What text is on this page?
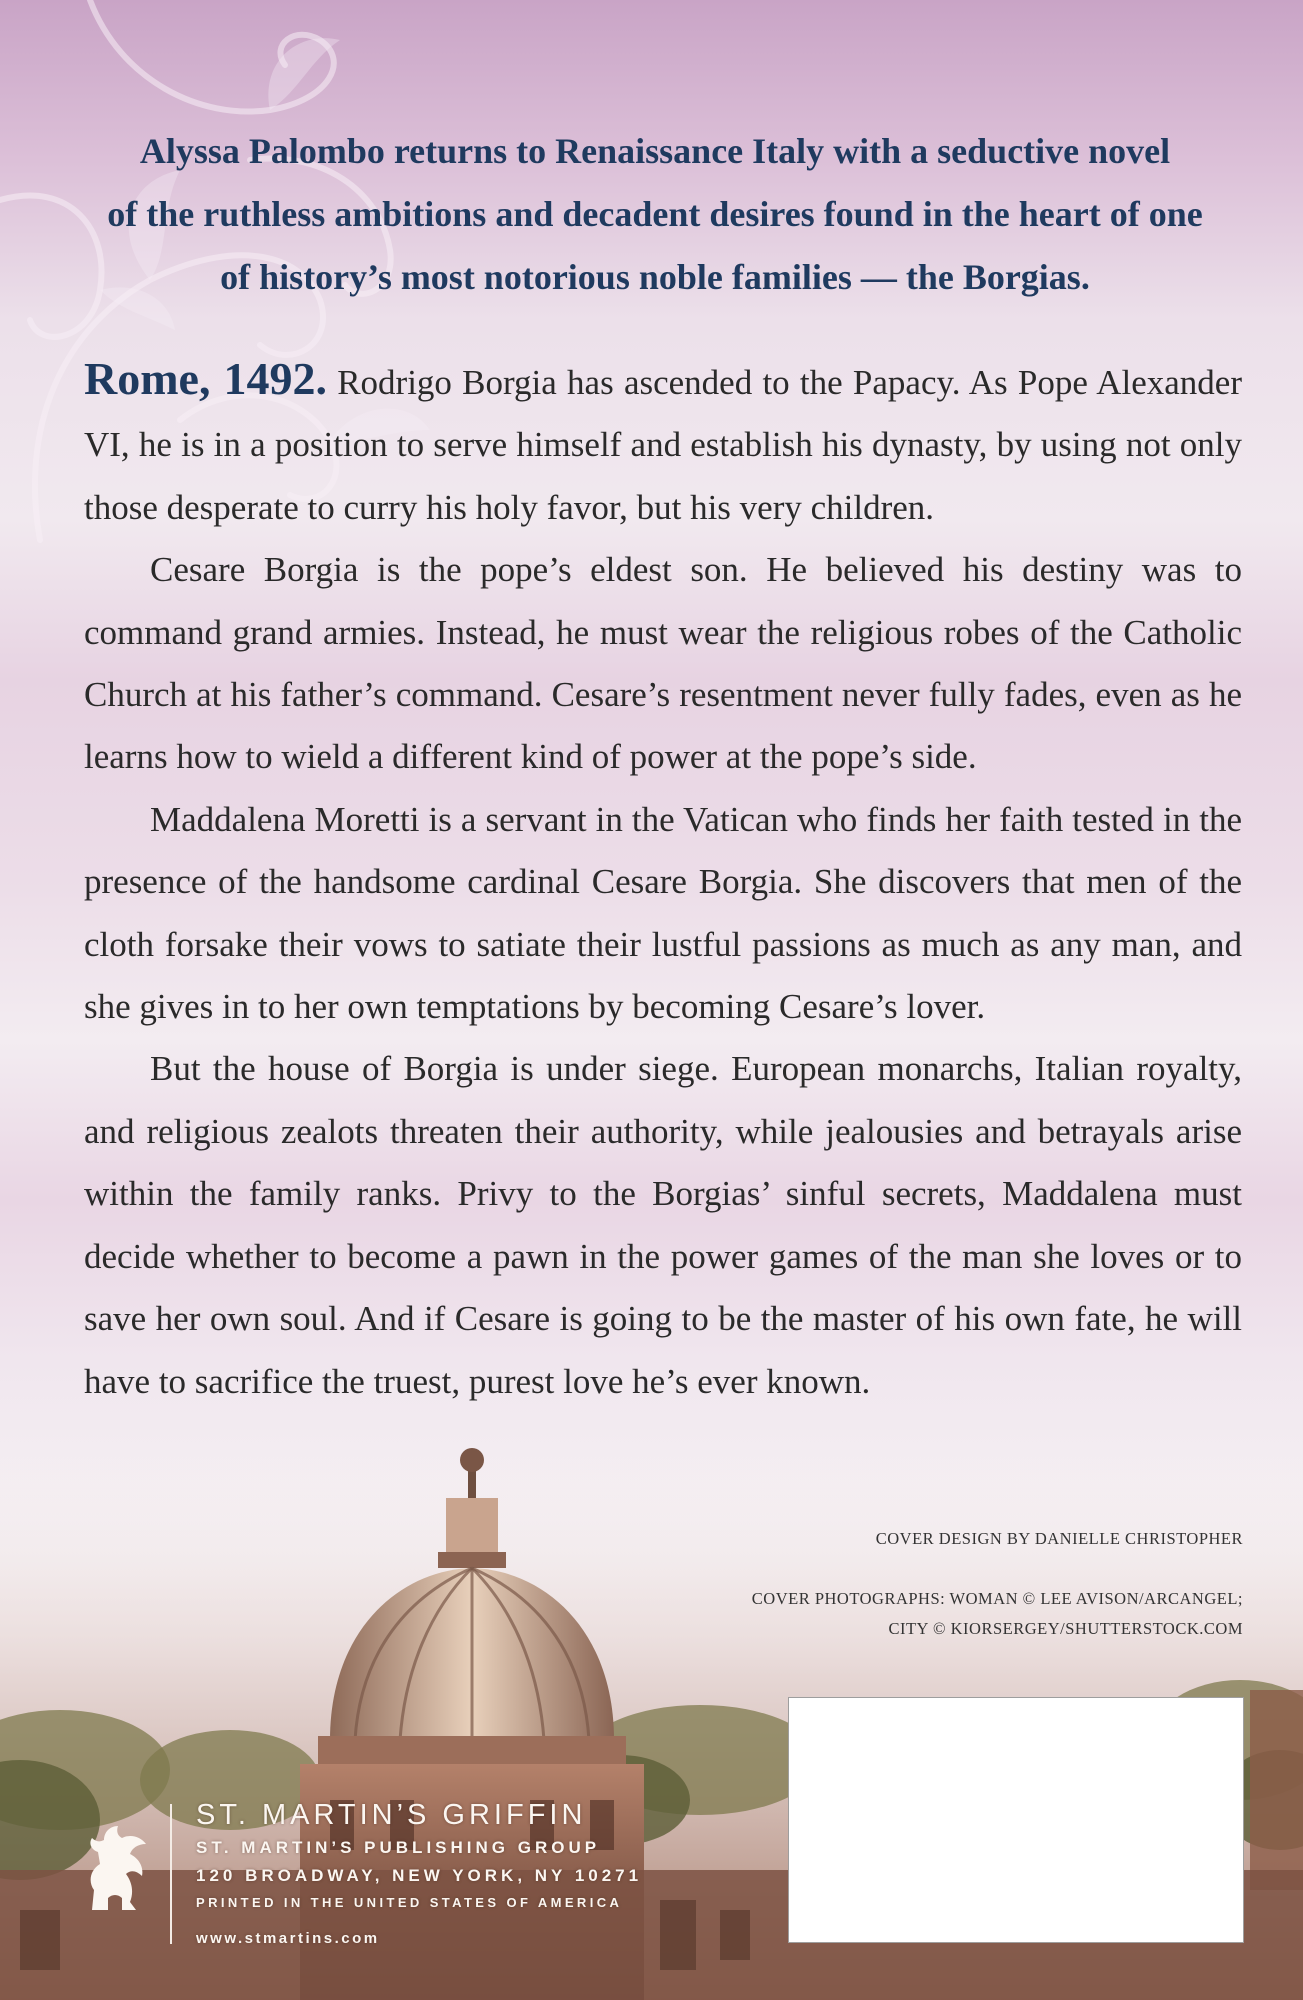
Alyssa Palombo returns to Renaissance Italy with a seductive novel
of the ruthless ambitions and decadent desires found in the heart of one
of history’s most notorious noble families — the Borgias.

Rome, 1492. Rodrigo Borgia has ascended to the Papacy. As Pope Alexander VI, he is in a position to serve himself and establish his dynasty, by using not only those desperate to curry his holy favor, but his very children.

Cesare Borgia is the pope’s eldest son. He believed his destiny was to command grand armies. Instead, he must wear the religious robes of the Catholic Church at his father’s command. Cesare’s resentment never fully fades, even as he learns how to wield a different kind of power at the pope’s side.

Maddalena Moretti is a servant in the Vatican who finds her faith tested in the presence of the handsome cardinal Cesare Borgia. She discovers that men of the cloth forsake their vows to satiate their lustful passions as much as any man, and she gives in to her own temptations by becoming Cesare’s lover.

But the house of Borgia is under siege. European monarchs, Italian royalty, and religious zealots threaten their authority, while jealousies and betrayals arise within the family ranks. Privy to the Borgias’ sinful secrets, Maddalena must decide whether to become a pawn in the power games of the man she loves or to save her own soul. And if Cesare is going to be the master of his own fate, he will have to sacrifice the truest, purest love he’s ever known.

COVER DESIGN BY DANIELLE CHRISTOPHER
COVER PHOTOGRAPHS: WOMAN © LEE AVISON/ARCANGEL;
CITY © KIORSERGEY/SHUTTERSTOCK.COM
ST. MARTIN’S GRIFFIN
ST. MARTIN’S PUBLISHING GROUP
120 BROADWAY, NEW YORK, NY 10271
PRINTED IN THE UNITED STATES OF AMERICA
www.stmartins.com
